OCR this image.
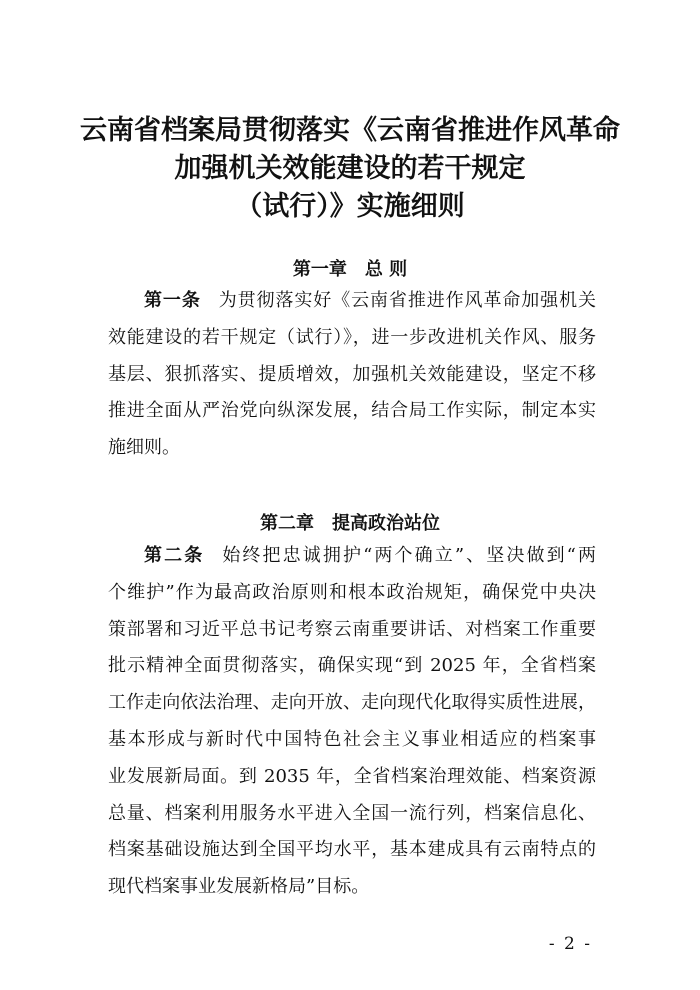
云南省档案局贯彻落实《云南省推进作风革命
加强机关效能建设的若干规定
（试行）》实施细则
第一章　总 则
第一条 为贯彻落实好《云南省推进作风革命加强机关
效能建设的若干规定（试行）》，进一步改进机关作风、服务
基层、狠抓落实、提质增效，加强机关效能建设，坚定不移
推进全面从严治党向纵深发展，结合局工作实际，制定本实
施细则。
第二章　提高政治站位
第二条 始终把忠诚拥护“两个确立”、坚决做到“两
个维护”作为最高政治原则和根本政治规矩，确保党中央决
策部署和习近平总书记考察云南重要讲话、对档案工作重要
批示精神全面贯彻落实，确保实现“到 2025 年，全省档案
工作走向依法治理、走向开放、走向现代化取得实质性进展，
基本形成与新时代中国特色社会主义事业相适应的档案事
业发展新局面。到 2035 年，全省档案治理效能、档案资源
总量、档案利用服务水平进入全国一流行列，档案信息化、
档案基础设施达到全国平均水平，基本建成具有云南特点的
现代档案事业发展新格局”目标。
- 2 -
